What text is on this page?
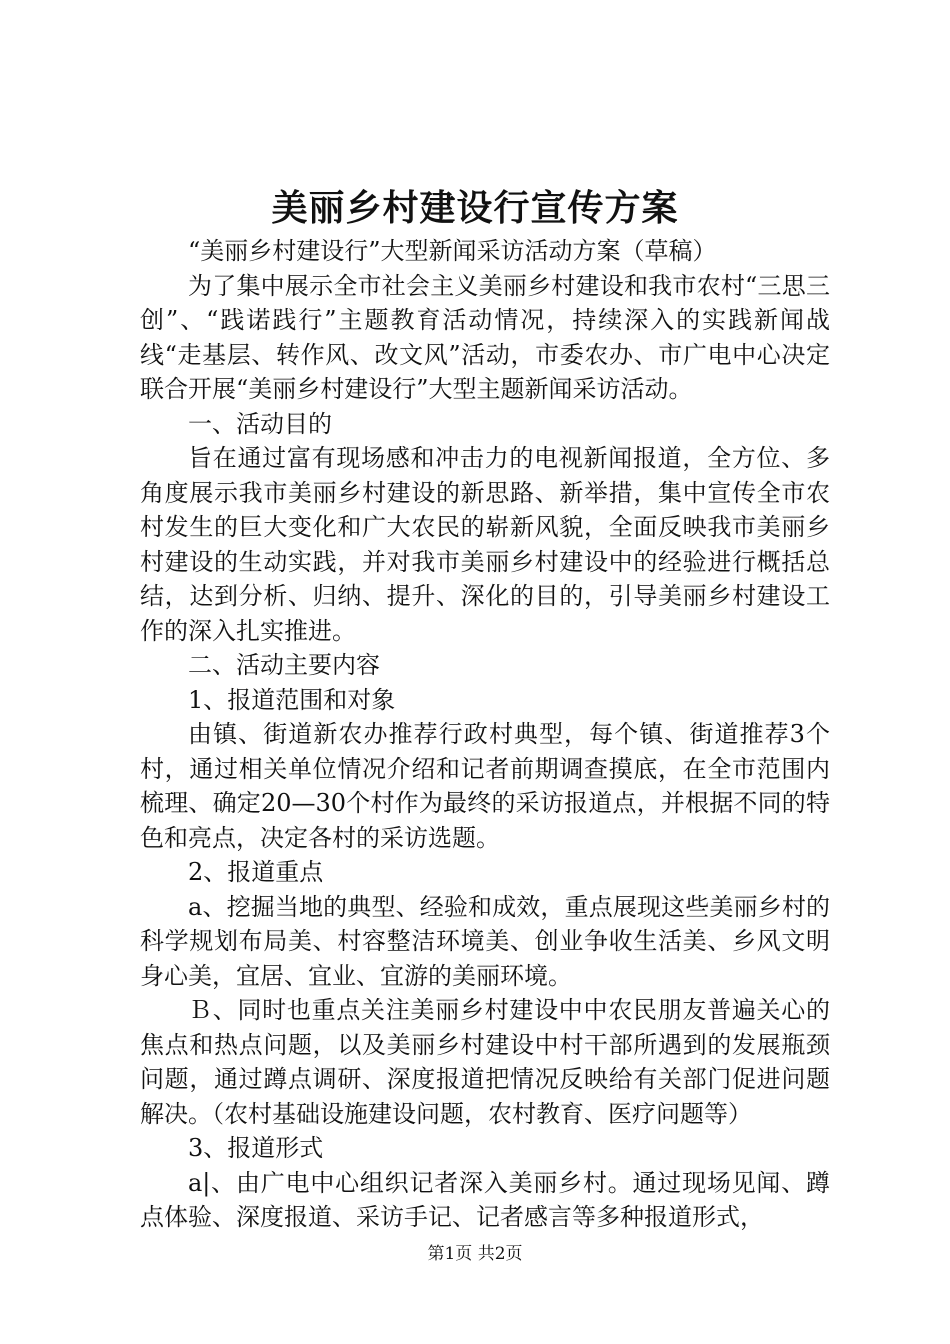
美丽乡村建设行宣传方案

“美丽乡村建设行”大型新闻采访活动方案（草稿）

为了集中展示全市社会主义美丽乡村建设和我市农村“三思三创”、“践诺践行”主题教育活动情况，持续深入的实践新闻战线“走基层、转作风、改文风”活动，市委农办、市广电中心决定联合开展“美丽乡村建设行”大型主题新闻采访活动。

一、活动目的

旨在通过富有现场感和冲击力的电视新闻报道，全方位、多角度展示我市美丽乡村建设的新思路、新举措，集中宣传全市农村发生的巨大变化和广大农民的崭新风貌，全面反映我市美丽乡村建设的生动实践，并对我市美丽乡村建设中的经验进行概括总结，达到分析、归纳、提升、深化的目的，引导美丽乡村建设工作的深入扎实推进。

二、活动主要内容

1、报道范围和对象

由镇、街道新农办推荐行政村典型，每个镇、街道推荐3个村，通过相关单位情况介绍和记者前期调查摸底，在全市范围内梳理、确定20—30个村作为最终的采访报道点，并根据不同的特色和亮点，决定各村的采访选题。

2、报道重点

a、挖掘当地的典型、经验和成效，重点展现这些美丽乡村的科学规划布局美、村容整洁环境美、创业争收生活美、乡风文明身心美，宜居、宜业、宜游的美丽环境。

Ｂ、同时也重点关注美丽乡村建设中中农民朋友普遍关心的焦点和热点问题，以及美丽乡村建设中村干部所遇到的发展瓶颈问题，通过蹲点调研、深度报道把情况反映给有关部门促进问题解决。（农村基础设施建设问题，农村教育、医疗问题等）

3、报道形式

a|、由广电中心组织记者深入美丽乡村。通过现场见闻、蹲点体验、深度报道、采访手记、记者感言等多种报道形式，

第1页 共2页
